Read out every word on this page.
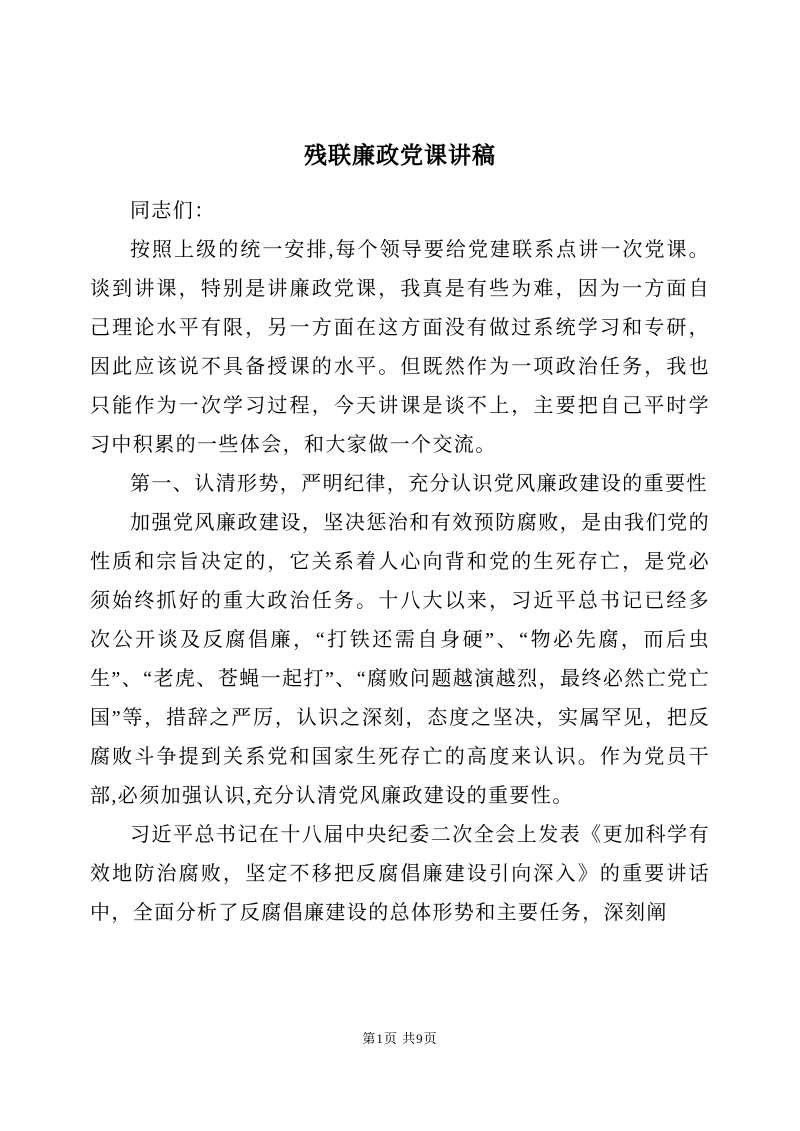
残联廉政党课讲稿

同志们：

按照上级的统一安排,每个领导要给党建联系点讲一次党课。谈到讲课，特别是讲廉政党课，我真是有些为难，因为一方面自己理论水平有限，另一方面在这方面没有做过系统学习和专研，因此应该说不具备授课的水平。但既然作为一项政治任务，我也只能作为一次学习过程，今天讲课是谈不上，主要把自己平时学习中积累的一些体会，和大家做一个交流。

第一、认清形势，严明纪律，充分认识党风廉政建设的重要性

加强党风廉政建设，坚决惩治和有效预防腐败，是由我们党的性质和宗旨决定的，它关系着人心向背和党的生死存亡，是党必须始终抓好的重大政治任务。十八大以来，习近平总书记已经多次公开谈及反腐倡廉，“打铁还需自身硬”、“物必先腐，而后虫生”、“老虎、苍蝇一起打”、“腐败问题越演越烈，最终必然亡党亡国”等，措辞之严厉，认识之深刻，态度之坚决，实属罕见，把反腐败斗争提到关系党和国家生死存亡的高度来认识。作为党员干部,必须加强认识,充分认清党风廉政建设的重要性。

习近平总书记在十八届中央纪委二次全会上发表《更加科学有效地防治腐败，坚定不移把反腐倡廉建设引向深入》的重要讲话中，全面分析了反腐倡廉建设的总体形势和主要任务，深刻阐

第1页 共9页
